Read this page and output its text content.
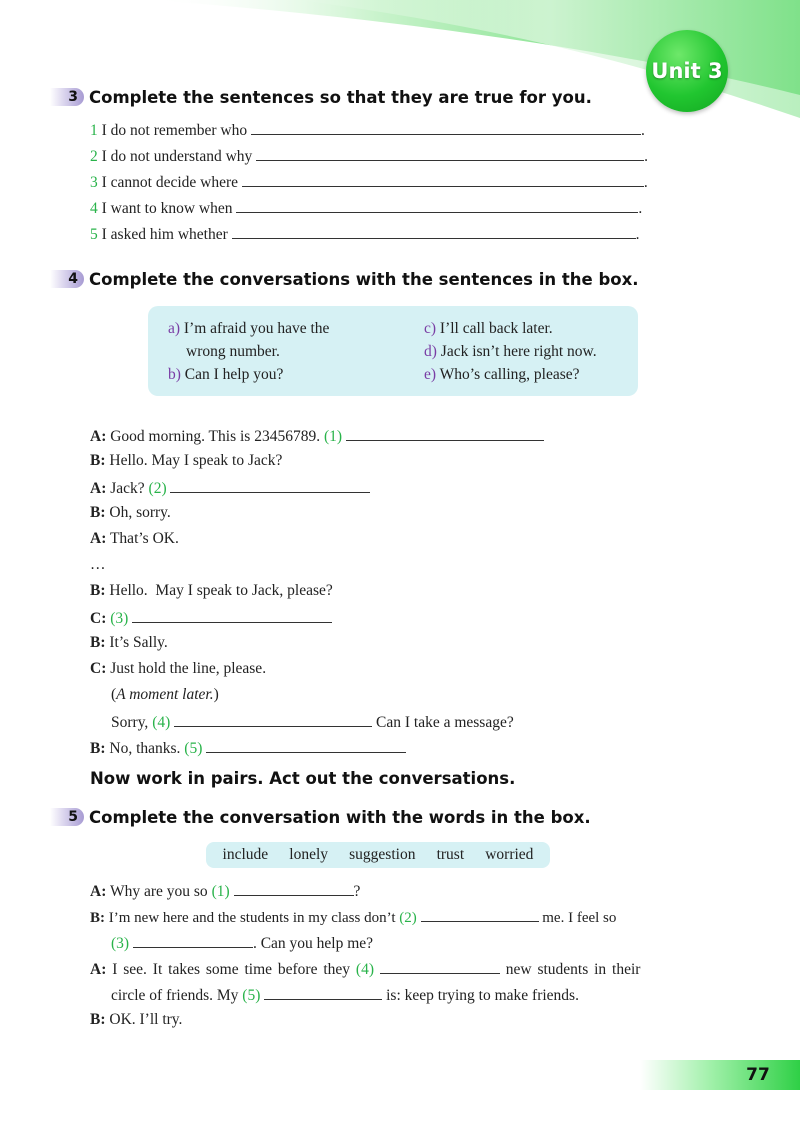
Unit 3
3 Complete the sentences so that they are true for you.
1 I do not remember who	.
2 I do not understand why	.
3 I cannot decide where	.
4 I want to know when	.
5 I asked him whether	.
4 Complete the conversations with the sentences in the box.
a) I’m afraid you have the
wrong number.
b) Can I help you?
c) I’ll call back later.
d) Jack isn’t here right now.
e) Who’s calling, please?
A: Good morning. This is 23456789. (1)
B: Hello. May I speak to Jack?
A: Jack? (2)
B: Oh, sorry.
A: That’s OK.
…
B: Hello.  May I speak to Jack, please?
C: (3)
B: It’s Sally.
C: Just hold the line, please.
(A moment later.)
Sorry, (4)	Can I take a message?
B: No, thanks. (5)
Now work in pairs. Act out the conversations.
5 Complete the conversation with the words in the box.
include lonely suggestion trust worried
A: Why are you so (1)	?
B: I’m new here and the students in my class don’t (2)	me. I feel so
(3)	. Can you help me?
A: I see. It takes some time before they (4)	new students in their
circle of friends. My (5)	is: keep trying to make friends.
B: OK. I’ll try.
77
